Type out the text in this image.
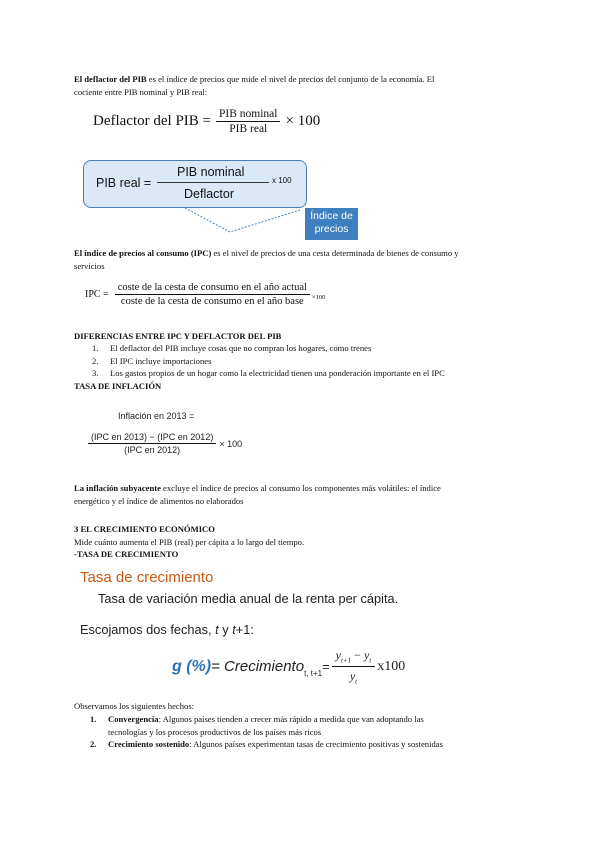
El deflactor del PIB es el índice de precios que mide el nivel de precios del conjunto de la economía. El
cociente entre PIB nominal y PIB real:
Deflactor del PIB = $\frac{\text{PIB nominal}}{\text{PIB real}} \times 100$
PIB real =
PIB nominal
Deflactor
x 100
Índice de precios
El índice de precios al consumo (IPC) es el nivel de precios de una cesta determinada de bienes de consumo y
servicios
IPC = $\frac{\text{coste de la cesta de consumo en el año actual}}{\text{coste de la cesta de consumo en el año base}} \times 100$
DIFERENCIAS ENTRE IPC Y DEFLACTOR DEL PIB
1.	El deflactor del PIB incluye cosas que no compran los hogares, como trenes
2.	El IPC incluye importaciones
3.	Los gastos propios de un hogar como la electricidad tienen una ponderación importante en el IPC
TASA DE INFLACIÓN
Inflación en 2013 =
$\frac{\text{(IPC en 2013) − (IPC en 2012)}}{\text{(IPC en 2012)}} \times 100$
La inflación subyacente excluye el índice de precios al consumo los componentes más volátiles: el índice
energético y el índice de alimentos no elaborados
3 EL CRECIMIENTO ECONÓMICO
Mide cuánto aumenta el PIB (real) per cápita a lo largo del tiempo.
-TASA DE CRECIMIENTO
Tasa de crecimiento
Tasa de variación media anual de la renta per cápita.
Escojamos dos fechas, t y t+1:
g (%) = Crecimiento t, $t+1 = \frac{y_{t+1} - y_t}{y_t} x100$
Observamos los siguientes hechos:
1.	Convergencia: Algunos países tienden a crecer más rápido a medida que van adoptando las
tecnologías y los procesos productivos de los países más ricos
2.	Crecimiento sostenido: Algunos países experimentan tasas de crecimiento positivas y sostenidas
